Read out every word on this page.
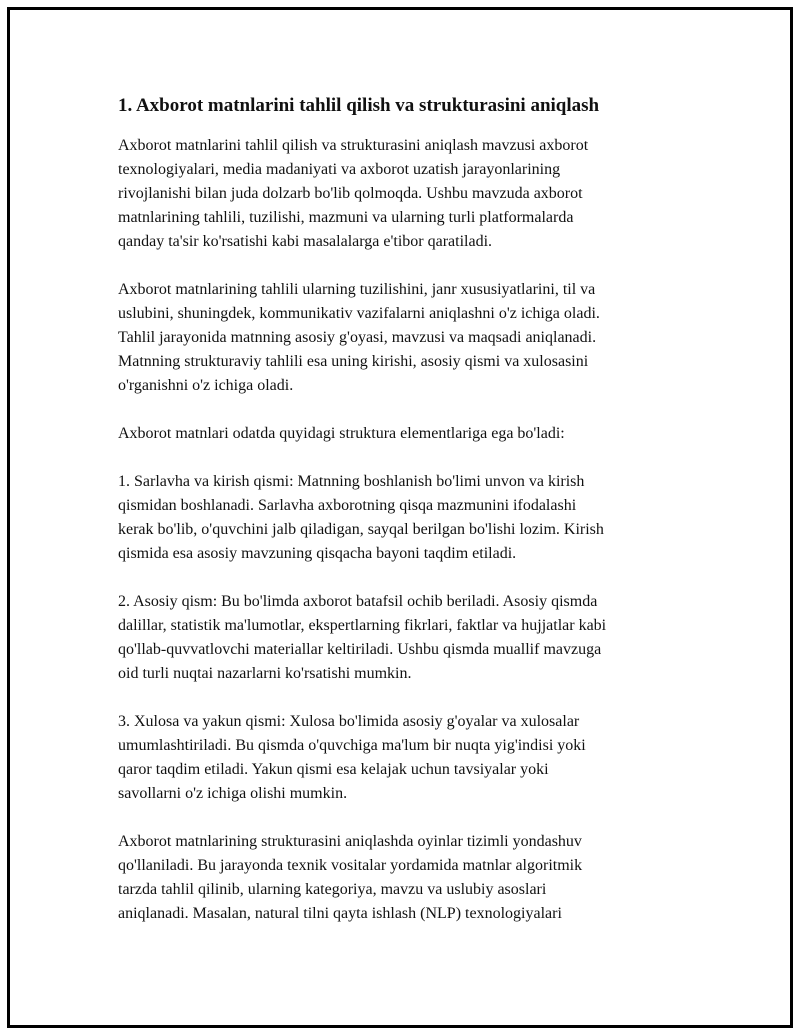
1. Axborot matnlarini tahlil qilish va strukturasini aniqlash

Axborot matnlarini tahlil qilish va strukturasini aniqlash mavzusi axborot
texnologiyalari, media madaniyati va axborot uzatish jarayonlarining
rivojlanishi bilan juda dolzarb bo'lib qolmoqda. Ushbu mavzuda axborot
matnlarining tahlili, tuzilishi, mazmuni va ularning turli platformalarda
qanday ta'sir ko'rsatishi kabi masalalarga e'tibor qaratiladi.

Axborot matnlarining tahlili ularning tuzilishini, janr xususiyatlarini, til va
uslubini, shuningdek, kommunikativ vazifalarni aniqlashni o'z ichiga oladi.
Tahlil jarayonida matnning asosiy g'oyasi, mavzusi va maqsadi aniqlanadi.
Matnning strukturaviy tahlili esa uning kirishi, asosiy qismi va xulosasini
o'rganishni o'z ichiga oladi.

Axborot matnlari odatda quyidagi struktura elementlariga ega bo'ladi:

1. Sarlavha va kirish qismi: Matnning boshlanish bo'limi unvon va kirish
qismidan boshlanadi. Sarlavha axborotning qisqa mazmunini ifodalashi
kerak bo'lib, o'quvchini jalb qiladigan, sayqal berilgan bo'lishi lozim. Kirish
qismida esa asosiy mavzuning qisqacha bayoni taqdim etiladi.

2. Asosiy qism: Bu bo'limda axborot batafsil ochib beriladi. Asosiy qismda
dalillar, statistik ma'lumotlar, ekspertlarning fikrlari, faktlar va hujjatlar kabi
qo'llab-quvvatlovchi materiallar keltiriladi. Ushbu qismda muallif mavzuga
oid turli nuqtai nazarlarni ko'rsatishi mumkin.

3. Xulosa va yakun qismi: Xulosa bo'limida asosiy g'oyalar va xulosalar
umumlashtiriladi. Bu qismda o'quvchiga ma'lum bir nuqta yig'indisi yoki
qaror taqdim etiladi. Yakun qismi esa kelajak uchun tavsiyalar yoki
savollarni o'z ichiga olishi mumkin.

Axborot matnlarining strukturasini aniqlashda oyinlar tizimli yondashuv
qo'llaniladi. Bu jarayonda texnik vositalar yordamida matnlar algoritmik
tarzda tahlil qilinib, ularning kategoriya, mavzu va uslubiy asoslari
aniqlanadi. Masalan, natural tilni qayta ishlash (NLP) texnologiyalari
